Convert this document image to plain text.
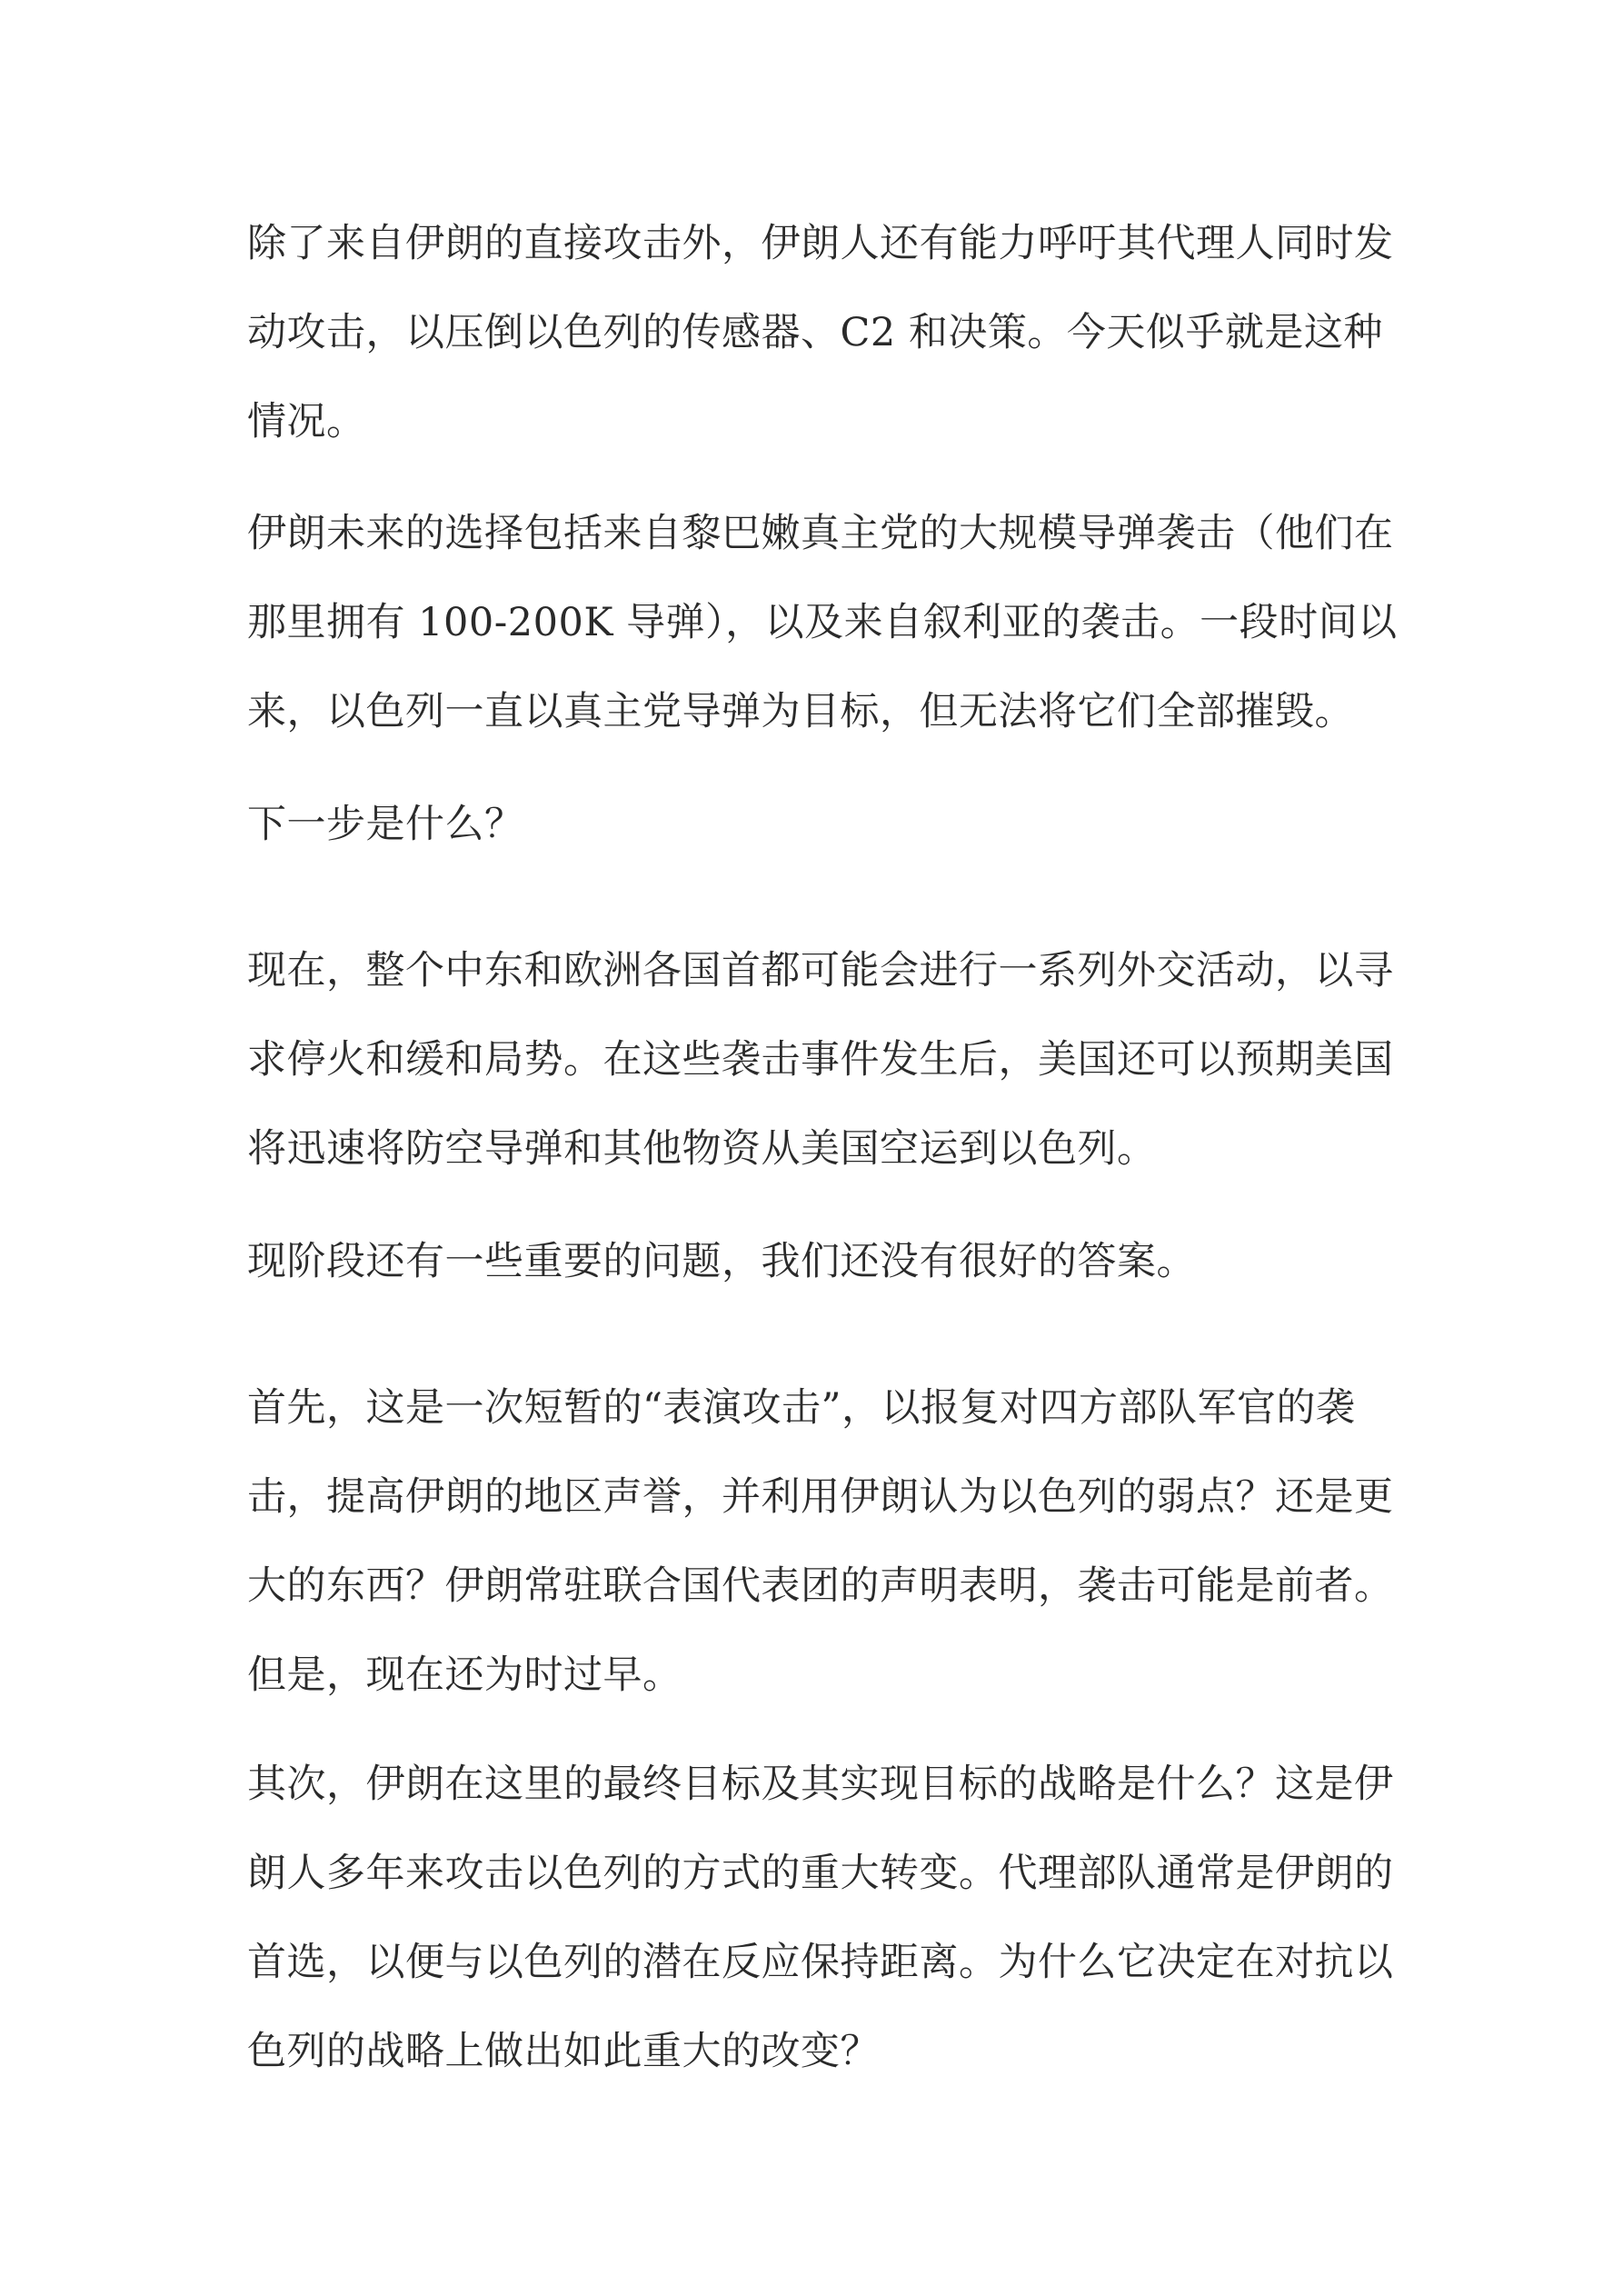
除了来自伊朗的直接攻击外，伊朗人还有能力呼吁其代理人同时发
动攻击，以压倒以色列的传感器、C2 和决策。今天似乎就是这种
情况。

伊朗未来的选择包括来自黎巴嫩真主党的大规模导弹袭击（他们在
那里拥有 100-200K 导弹），以及来自叙利亚的袭击。一段时间以
来，以色列一直以真主党导弹为目标，但无法将它们全部摧毁。

下一步是什么？

现在，整个中东和欧洲各国首都可能会进行一系列外交活动，以寻
求停火和缓和局势。在这些袭击事件发生后，美国还可以预期美国
将迅速将防空导弹和其他物资从美国空运到以色列。

现阶段还有一些重要的问题，我们还没有很好的答案。

首先，这是一次短暂的“表演攻击”，以报复对四方部队军官的袭
击，提高伊朗的地区声誉，并利用伊朗认为以色列的弱点？还是更
大的东西？伊朗常驻联合国代表团的声明表明，袭击可能是前者。
但是，现在还为时过早。

其次，伊朗在这里的最终目标及其实现目标的战略是什么？这是伊
朗人多年来攻击以色列的方式的重大转变。代理部队通常是伊朗的
首选，以便与以色列的潜在反应保持距离。为什么它决定在对抗以
色列的战略上做出如此重大的改变？
